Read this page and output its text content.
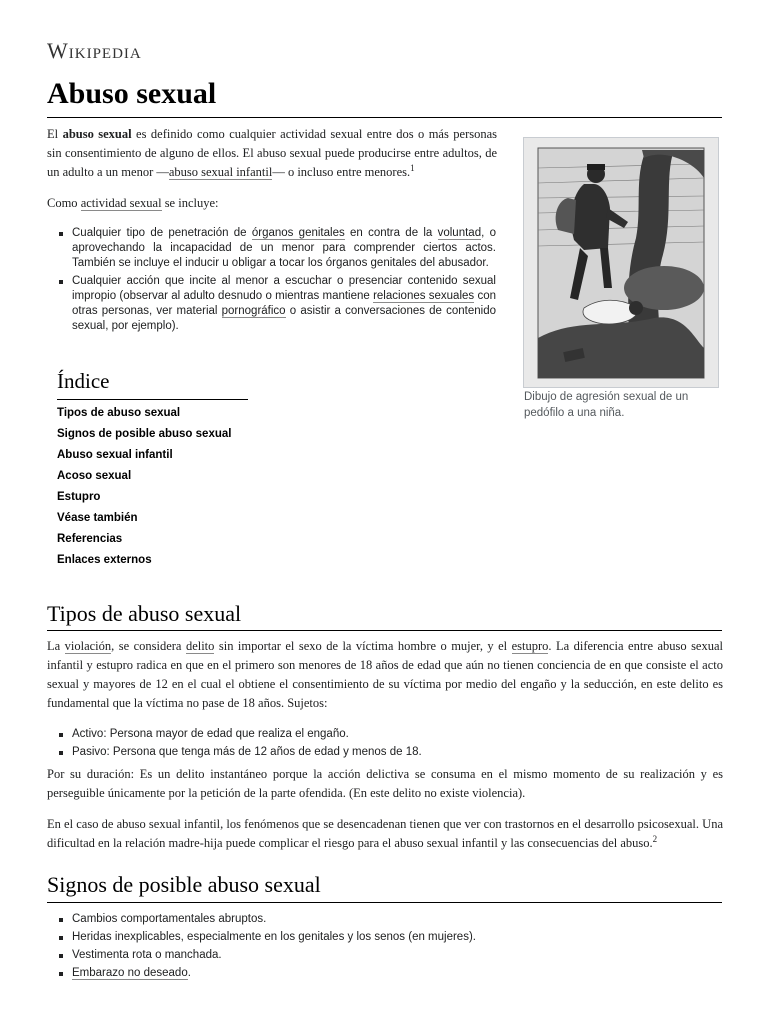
Wikipedia
Abuso sexual

El abuso sexual es definido como cualquier actividad sexual entre dos o más personas sin consentimiento de alguno de ellos. El abuso sexual puede producirse entre adultos, de un adulto a un menor —abuso sexual infantil— o incluso entre menores.$^1$

Como actividad sexual se incluye:

Cualquier tipo de penetración de órganos genitales en contra de la voluntad, o aprovechando la incapacidad de un menor para comprender ciertos actos. También se incluye el inducir u obligar a tocar los órganos genitales del abusador.
Cualquier acción que incite al menor a escuchar o presenciar contenido sexual impropio (observar al adulto desnudo o mientras mantiene relaciones sexuales con otras personas, ver material pornográfico o asistir a conversaciones de contenido sexual, por ejemplo).

Dibujo de agresión sexual de un pedófilo a una niña.

Índice
Tipos de abuso sexual
Signos de posible abuso sexual
Abuso sexual infantil
Acoso sexual
Estupro
Véase también
Referencias
Enlaces externos
Tipos de abuso sexual

La violación, se considera delito sin importar el sexo de la víctima hombre o mujer, y el estupro. La diferencia entre abuso sexual infantil y estupro radica en que en el primero son menores de 18 años de edad que aún no tienen conciencia de en que consiste el acto sexual y mayores de 12 en el cual el obtiene el consentimiento de su víctima por medio del engaño y la seducción, en este delito es fundamental que la víctima no pase de 18 años. Sujetos:

Activo: Persona mayor de edad que realiza el engaño.
Pasivo: Persona que tenga más de 12 años de edad y menos de 18.

Por su duración: Es un delito instantáneo porque la acción delictiva se consuma en el mismo momento de su realización y es perseguible únicamente por la petición de la parte ofendida. (En este delito no existe violencia).

En el caso de abuso sexual infantil, los fenómenos que se desencadenan tienen que ver con trastornos en el desarrollo psicosexual. Una dificultad en la relación madre-hija puede complicar el riesgo para el abuso sexual infantil y las consecuencias del abuso.$^2$

Signos de posible abuso sexual
Cambios comportamentales abruptos.
Heridas inexplicables, especialmente en los genitales y los senos (en mujeres).
Vestimenta rota o manchada.
Embarazo no deseado.
